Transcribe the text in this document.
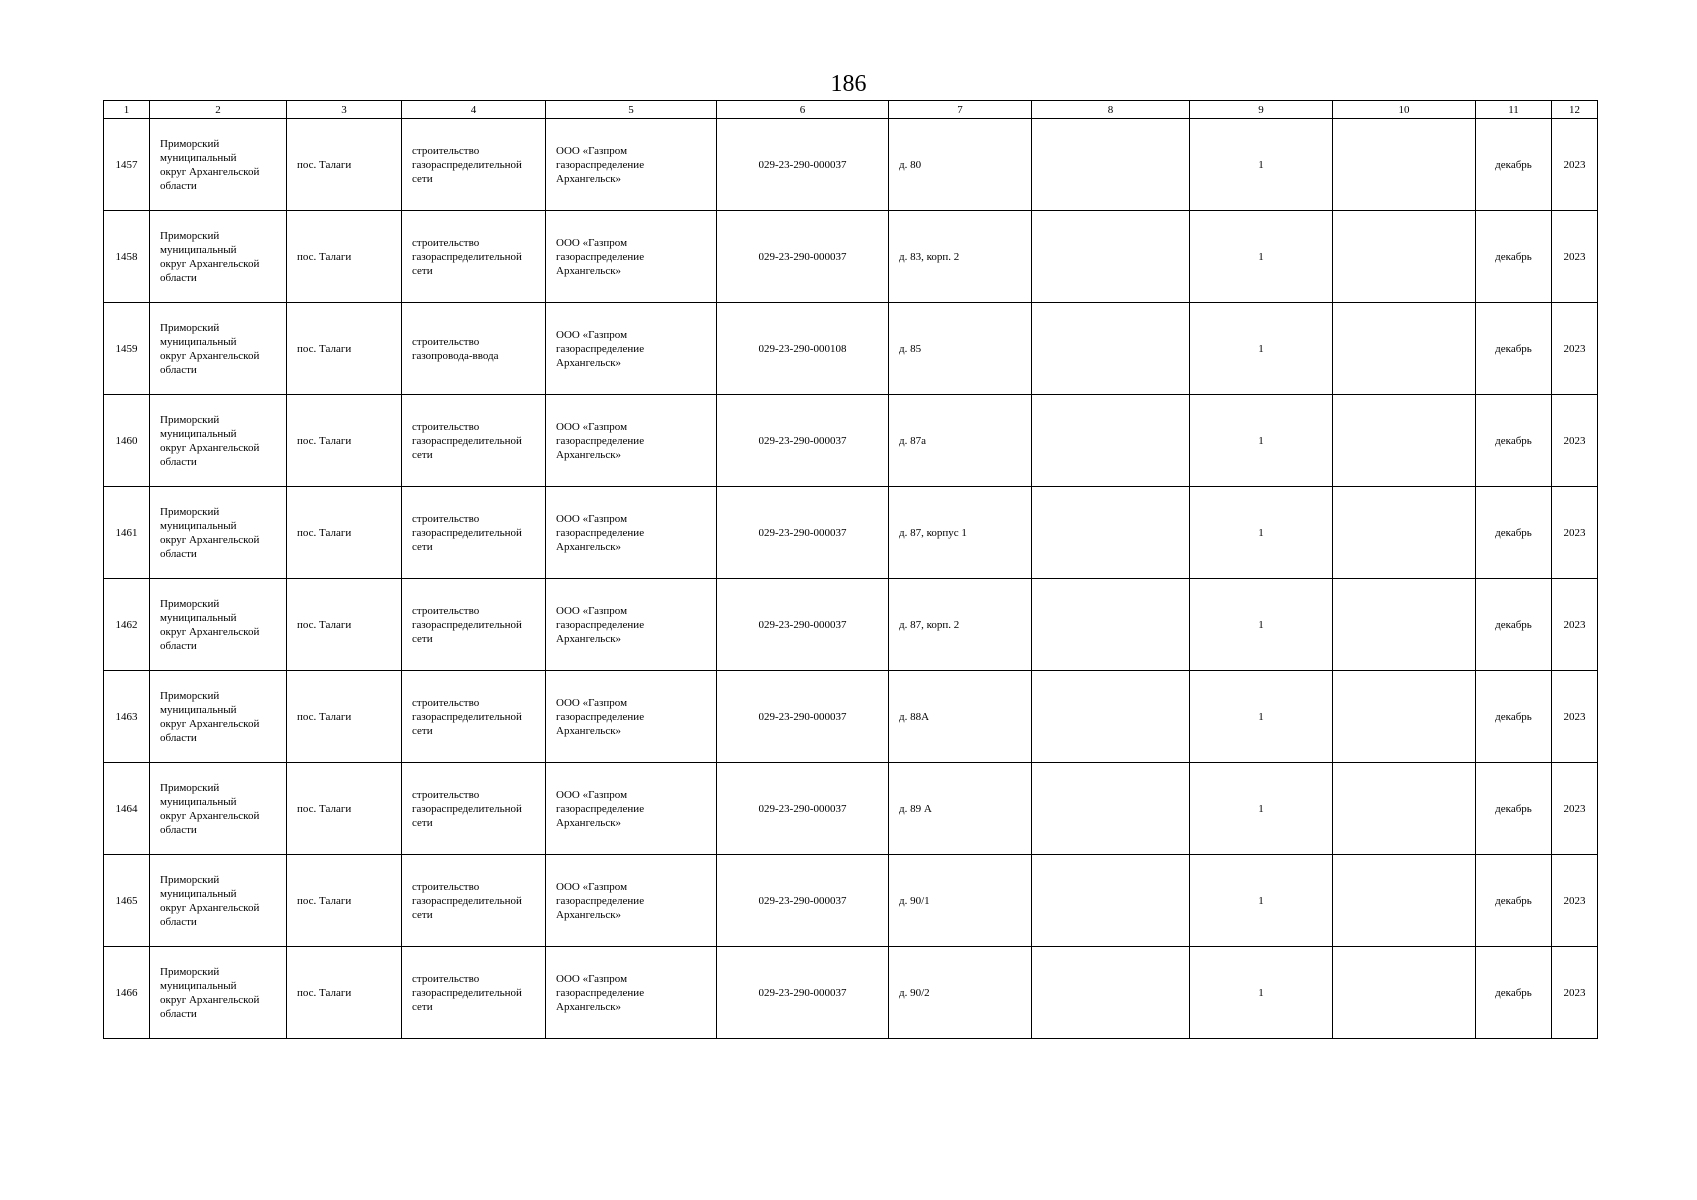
186
1	2	3	4	5	6	7	8	9	10	11	12
1457	Приморский
муниципальный
округ Архангельской
области	пос. Талаги	строительство
газораспределительной
сети	ООО «Газпром
газораспределение
Архангельск»	029-23-290-000037	д. 80		1		декабрь	2023
1458	Приморский
муниципальный
округ Архангельской
области	пос. Талаги	строительство
газораспределительной
сети	ООО «Газпром
газораспределение
Архангельск»	029-23-290-000037	д. 83, корп. 2		1		декабрь	2023
1459	Приморский
муниципальный
округ Архангельской
области	пос. Талаги	строительство
газопровода-ввода	ООО «Газпром
газораспределение
Архангельск»	029-23-290-000108	д. 85		1		декабрь	2023
1460	Приморский
муниципальный
округ Архангельской
области	пос. Талаги	строительство
газораспределительной
сети	ООО «Газпром
газораспределение
Архангельск»	029-23-290-000037	д. 87а		1		декабрь	2023
1461	Приморский
муниципальный
округ Архангельской
области	пос. Талаги	строительство
газораспределительной
сети	ООО «Газпром
газораспределение
Архангельск»	029-23-290-000037	д. 87, корпус 1		1		декабрь	2023
1462	Приморский
муниципальный
округ Архангельской
области	пос. Талаги	строительство
газораспределительной
сети	ООО «Газпром
газораспределение
Архангельск»	029-23-290-000037	д. 87, корп. 2		1		декабрь	2023
1463	Приморский
муниципальный
округ Архангельской
области	пос. Талаги	строительство
газораспределительной
сети	ООО «Газпром
газораспределение
Архангельск»	029-23-290-000037	д. 88А		1		декабрь	2023
1464	Приморский
муниципальный
округ Архангельской
области	пос. Талаги	строительство
газораспределительной
сети	ООО «Газпром
газораспределение
Архангельск»	029-23-290-000037	д. 89 А		1		декабрь	2023
1465	Приморский
муниципальный
округ Архангельской
области	пос. Талаги	строительство
газораспределительной
сети	ООО «Газпром
газораспределение
Архангельск»	029-23-290-000037	д. 90/1		1		декабрь	2023
1466	Приморский
муниципальный
округ Архангельской
области	пос. Талаги	строительство
газораспределительной
сети	ООО «Газпром
газораспределение
Архангельск»	029-23-290-000037	д. 90/2		1		декабрь	2023
